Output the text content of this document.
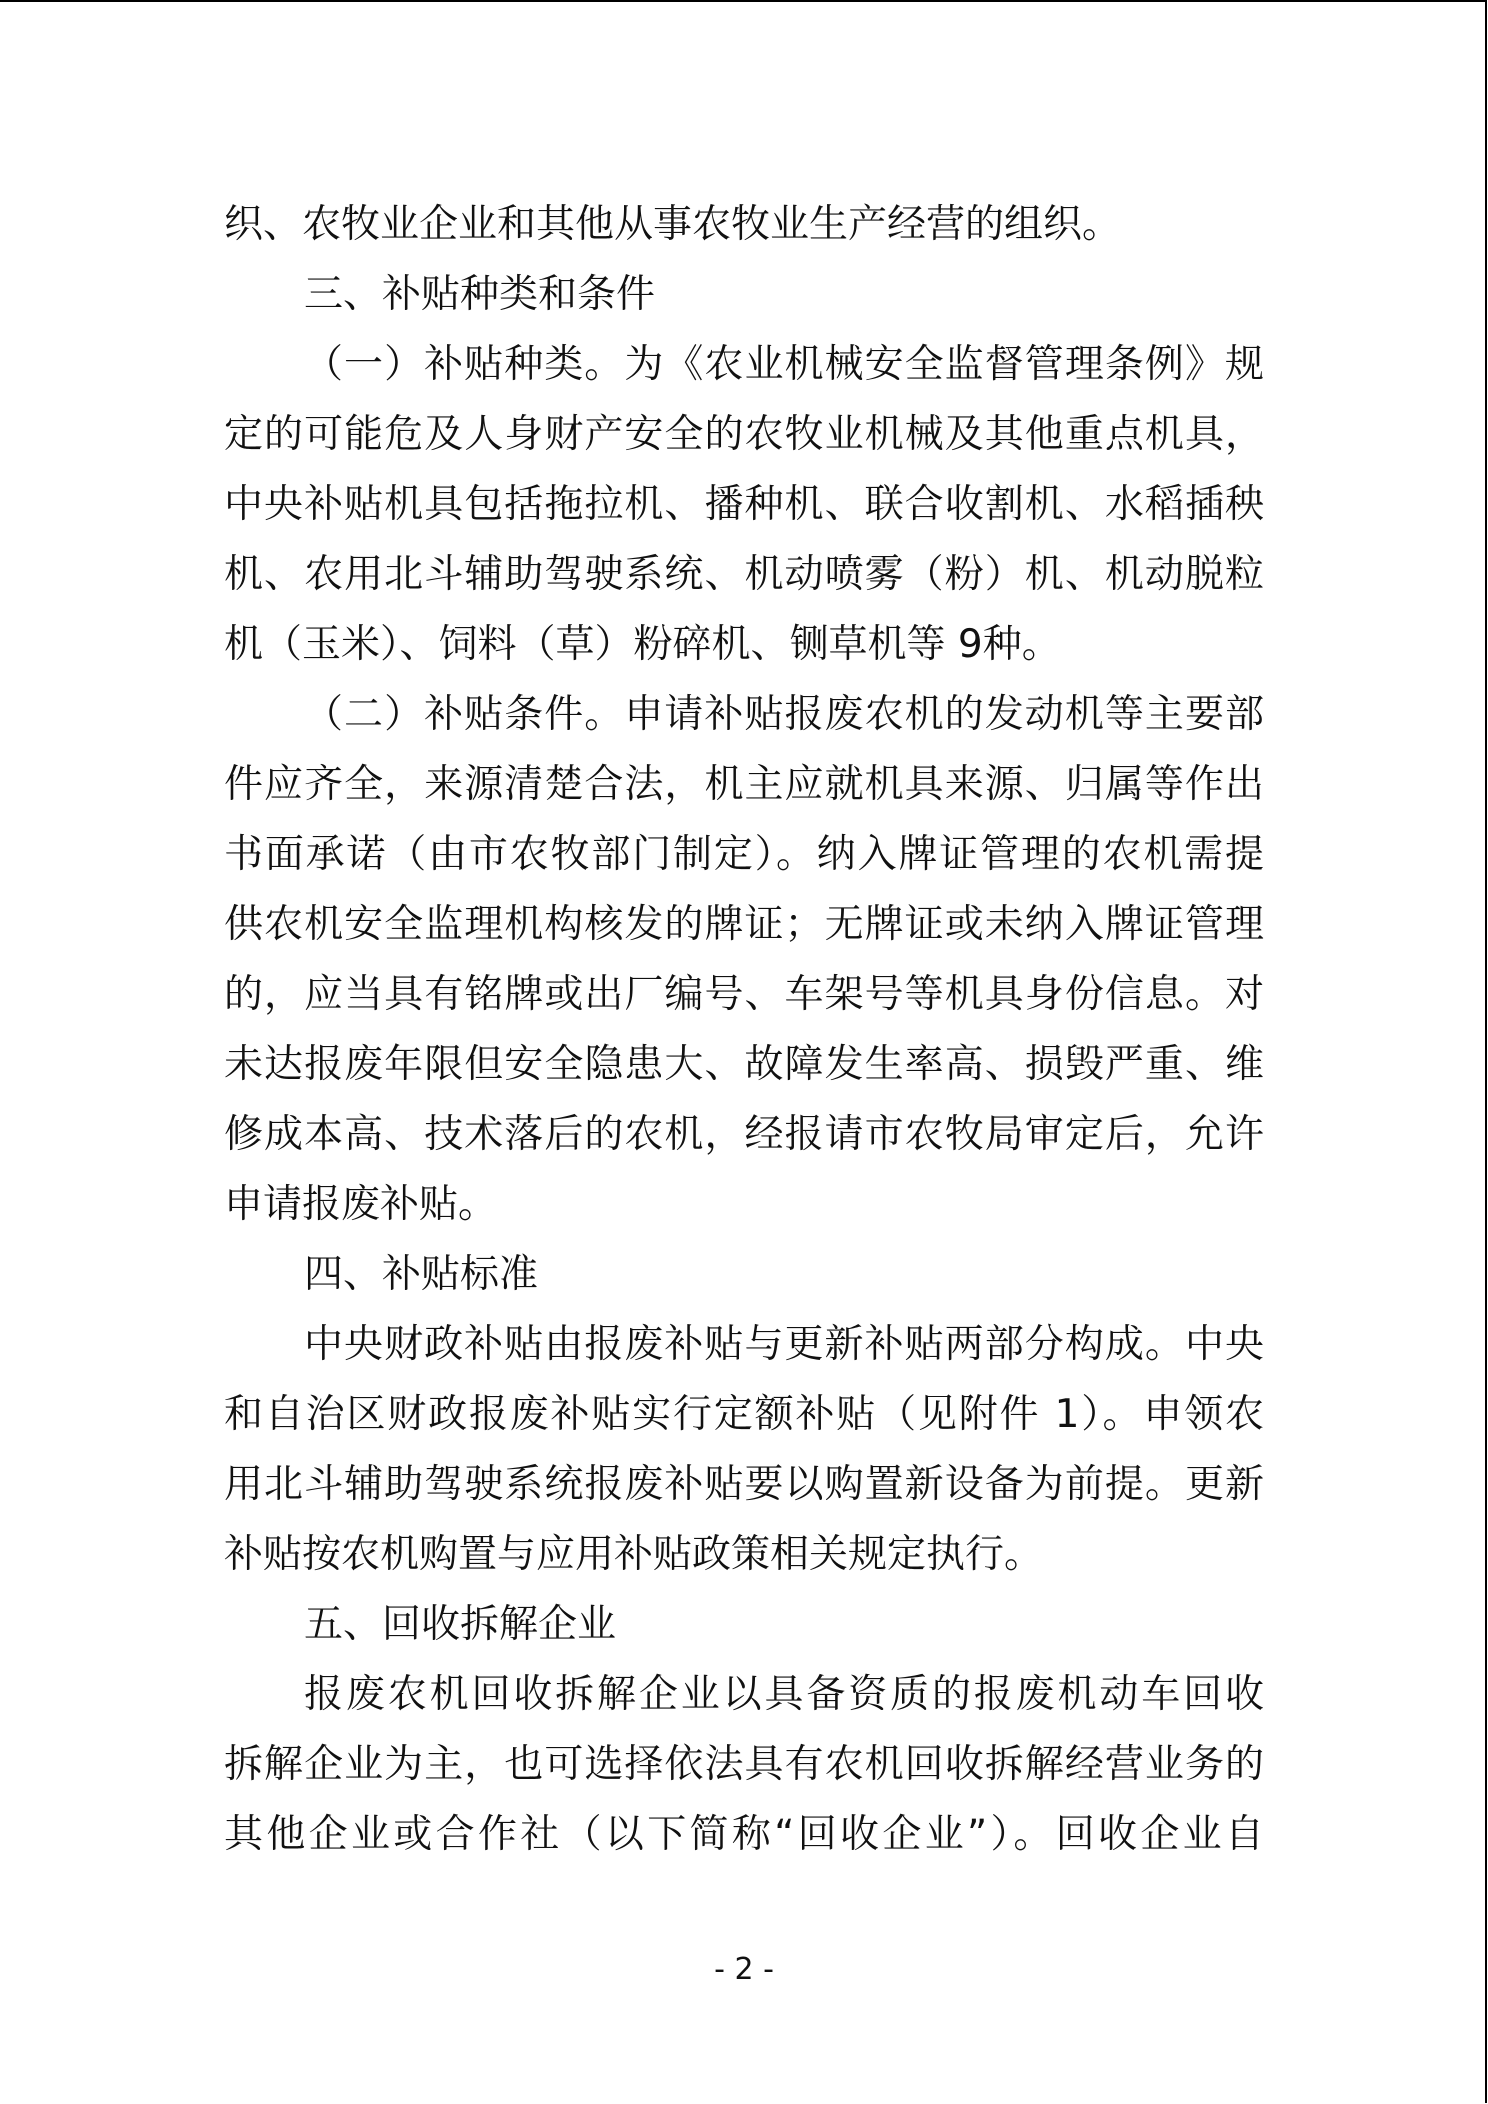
织、农牧业企业和其他从事农牧业生产经营的组织。
三、补贴种类和条件
（一）补贴种类。为《农业机械安全监督管理条例》规
定的可能危及人身财产安全的农牧业机械及其他重点机具，
中央补贴机具包括拖拉机、播种机、联合收割机、水稻插秧
机、农用北斗辅助驾驶系统、机动喷雾（粉）机、机动脱粒
机（玉米）、饲料（草）粉碎机、铡草机等 9种。
（二）补贴条件。申请补贴报废农机的发动机等主要部
件应齐全，来源清楚合法，机主应就机具来源、归属等作出
书面承诺（由市农牧部门制定）。纳入牌证管理的农机需提
供农机安全监理机构核发的牌证；无牌证或未纳入牌证管理
的，应当具有铭牌或出厂编号、车架号等机具身份信息。对
未达报废年限但安全隐患大、故障发生率高、损毁严重、维
修成本高、技术落后的农机，经报请市农牧局审定后，允许
申请报废补贴。
四、补贴标准
中央财政补贴由报废补贴与更新补贴两部分构成。中央
和自治区财政报废补贴实行定额补贴（见附件 1）。申领农
用北斗辅助驾驶系统报废补贴要以购置新设备为前提。更新
补贴按农机购置与应用补贴政策相关规定执行。
五、回收拆解企业
报废农机回收拆解企业以具备资质的报废机动车回收
拆解企业为主，也可选择依法具有农机回收拆解经营业务的
其他企业或合作社（以下简称“回收企业”）。回收企业自
- 2 -
